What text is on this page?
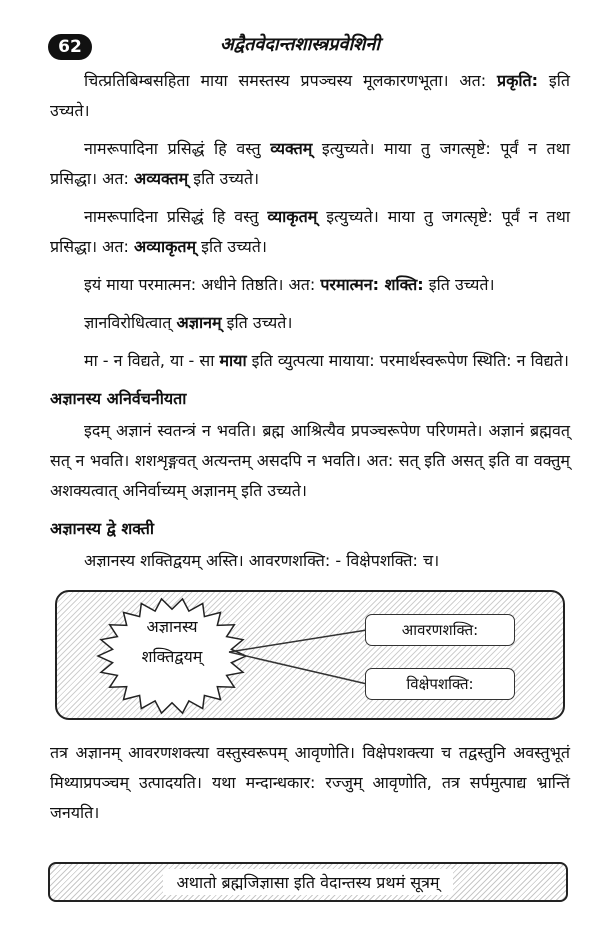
62	अद्वैतवेदान्तशास्त्रप्रवेशिनी

चित्प्रतिबिम्बसहिता माया समस्तस्य प्रपञ्चस्य मूलकारणभूता। अत: प्रकृति: इति उच्यते।

नामरूपादिना प्रसिद्धं हि वस्तु व्यक्तम् इत्युच्यते। माया तु जगत्सृष्टे: पूर्वं न तथा प्रसिद्धा। अत: अव्यक्तम् इति उच्यते।

नामरूपादिना प्रसिद्धं हि वस्तु व्याकृतम् इत्युच्यते। माया तु जगत्सृष्टे: पूर्वं न तथा प्रसिद्धा। अत: अव्याकृतम् इति उच्यते।

इयं माया परमात्मन: अधीने तिष्ठति। अत: परमात्मन: शक्ति: इति उच्यते।

ज्ञानविरोधित्वात् अज्ञानम् इति उच्यते।

मा - न विद्यते, या - सा माया इति व्युत्पत्या मायाया: परमार्थस्वरूपेण स्थिति: न विद्यते।

अज्ञानस्य अनिर्वचनीयता

इदम् अज्ञानं स्वतन्त्रं न भवति। ब्रह्म आश्रित्यैव प्रपञ्चरूपेण परिणमते। अज्ञानं ब्रह्मवत् सत् न भवति। शशशृङ्गवत् अत्यन्तम् असदपि न भवति। अत: सत् इति असत् इति वा वक्तुम् अशक्यत्वात् अनिर्वाच्यम् अज्ञानम् इति उच्यते।

अज्ञानस्य द्वे शक्ती

अज्ञानस्य शक्तिद्वयम् अस्ति। आवरणशक्ति: - विक्षेपशक्ति: च।

अज्ञानस्य
शक्तिद्वयम्
आवरणशक्ति:
विक्षेपशक्ति:

तत्र अज्ञानम् आवरणशक्त्या वस्तुस्वरूपम् आवृणोति। विक्षेपशक्त्या च तद्वस्तुनि अवस्तुभूतं मिथ्याप्रपञ्चम् उत्पादयति। यथा मन्दान्धकार: रज्जुम् आवृणोति, तत्र सर्पमुत्पाद्य भ्रान्तिं जनयति।

अथातो ब्रह्मजिज्ञासा इति वेदान्तस्य प्रथमं सूत्रम्
